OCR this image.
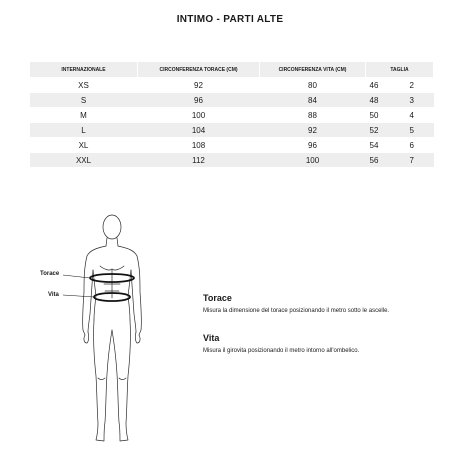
INTIMO - PARTI ALTE
INTERNAZIONALE	CIRCONFERENZA TORACE (CM)	CIRCONFERENZA VITA (CM)	TAGLIA	
XS	92	80	46	2
S	96	84	48	3
M	100	88	50	4
L	104	92	52	5
XL	108	96	54	6
XXL	112	100	56	7
Torace
Vita	Torace

Misura la dimensione del torace posizionando il metro sotto le ascelle.

Vita

Misura il girovita posizionando il metro intorno all'ombelico.
